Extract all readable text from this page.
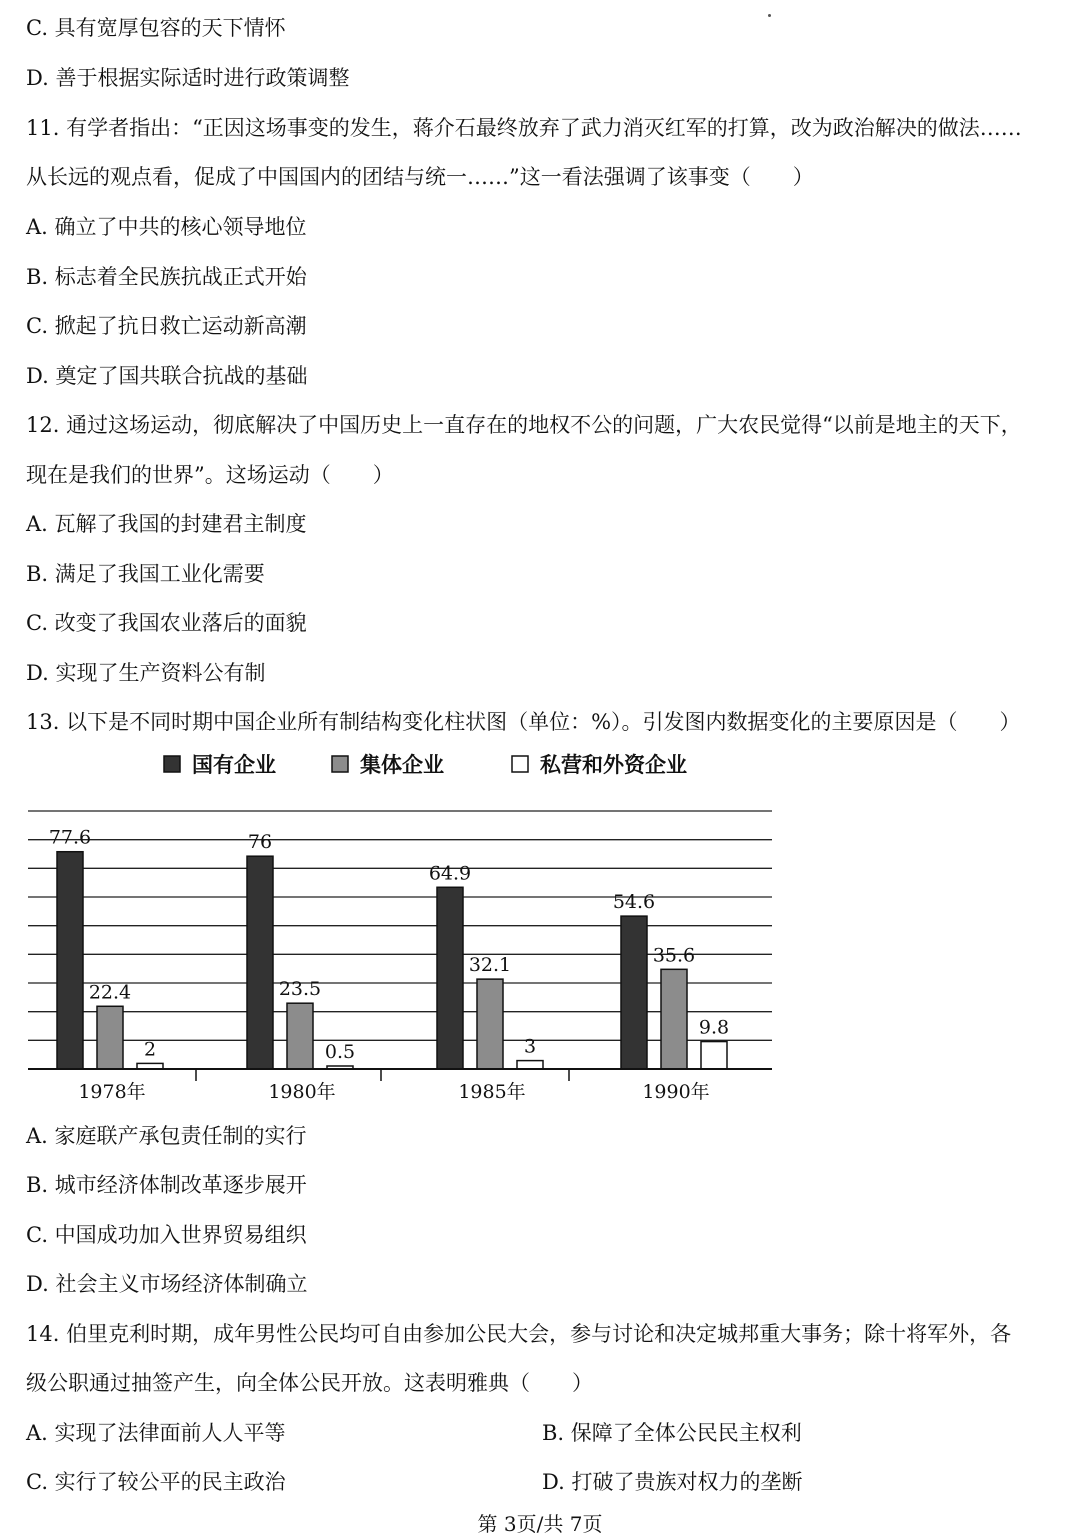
C. 具有宽厚包容的天下情怀
D. 善于根据实际适时进行政策调整
11. 有学者指出：“正因这场事变的发生，蒋介石最终放弃了武力消灭红军的打算，改为政治解决的做法……
从长远的观点看，促成了中国国内的团结与统一……”这一看法强调了该事变（　　）
A. 确立了中共的核心领导地位
B. 标志着全民族抗战正式开始
C. 掀起了抗日救亡运动新高潮
D. 奠定了国共联合抗战的基础
12. 通过这场运动，彻底解决了中国历史上一直存在的地权不公的问题，广大农民觉得“以前是地主的天下，
现在是我们的世界”。这场运动（　　）
A. 瓦解了我国的封建君主制度
B. 满足了我国工业化需要
C. 改变了我国农业落后的面貌
D. 实现了生产资料公有制
13. 以下是不同时期中国企业所有制结构变化柱状图（单位：%）。引发图内数据变化的主要原因是（　　）
国有企业	集体企业	私营和外资企业
77.6
22.4
2
76
23.5
0.5
64.9
32.1
3
54.6
35.6
9.8
1978年	1980年	1985年	1990年
A. 家庭联产承包责任制的实行
B. 城市经济体制改革逐步展开
C. 中国成功加入世界贸易组织
D. 社会主义市场经济体制确立
14. 伯里克利时期，成年男性公民均可自由参加公民大会，参与讨论和决定城邦重大事务；除十将军外，各
级公职通过抽签产生，向全体公民开放。这表明雅典（　　）
A. 实现了法律面前人人平等	B. 保障了全体公民民主权利
C. 实行了较公平的民主政治	D. 打破了贵族对权力的垄断
第 3页/共 7页
